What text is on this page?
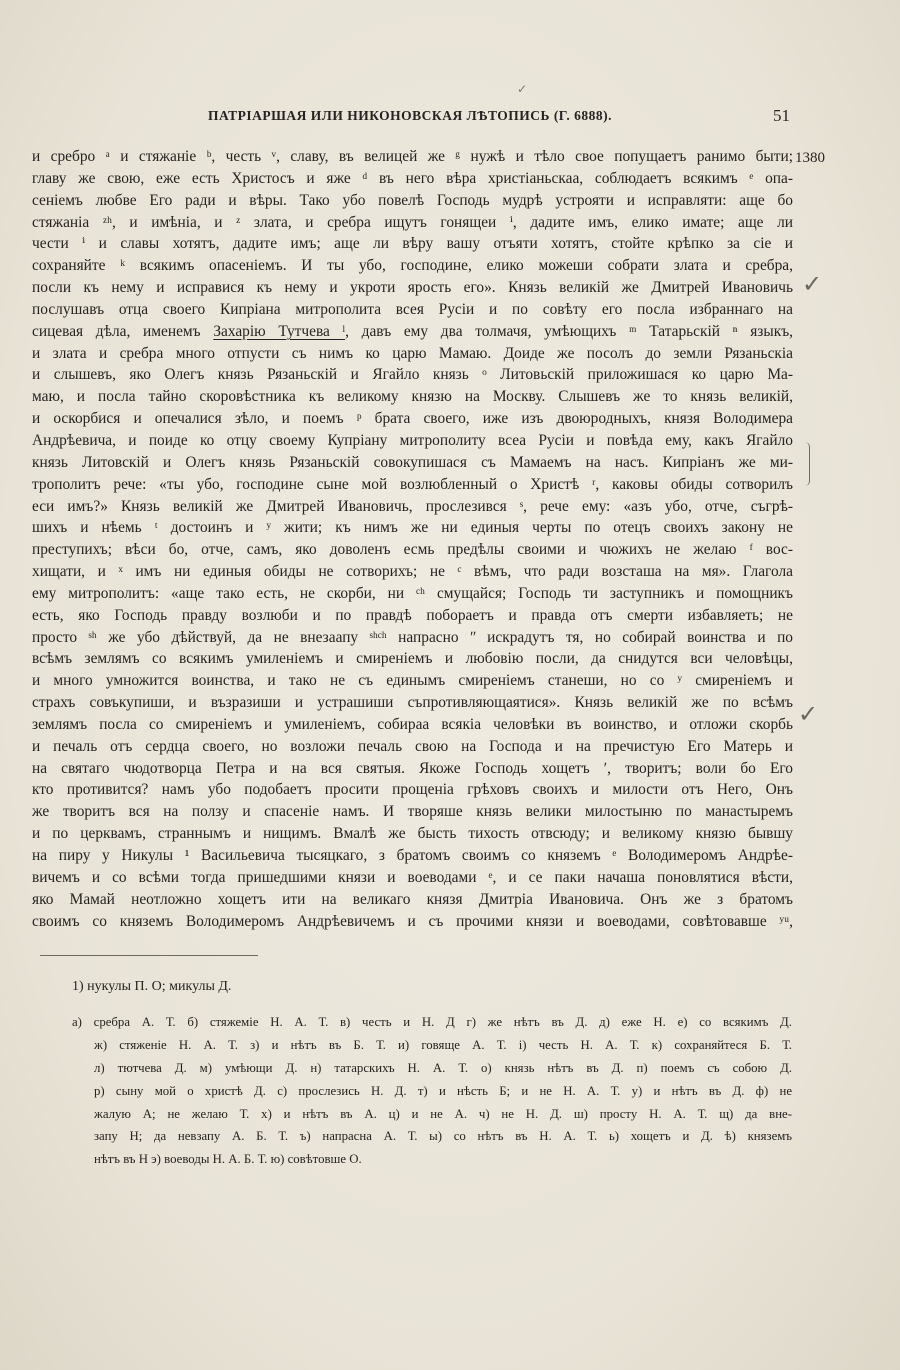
✓
ПАТРІАРШАЯ ИЛИ НИКОНОВСКАЯ ЛѢТОПИСЬ (Г. 6888).	51
1380
✓
✓
и сребро ᵃ и стяжаніе ᵇ, честь ᵛ, славу, въ велицей же ᵍ нужѣ и тѣло свое попущаетъ ранимо быти;
главу же свою, еже есть Христосъ и яже ᵈ въ него вѣра христіаньскаа, соблюдаетъ всякимъ ᵉ опа-
сеніемъ любве Его ради и вѣры. Тако убо повелѣ Господь мудрѣ устрояти и исправляти: аще бо
стяжаніа ᶻʰ, и имѣніа, и ᶻ злата, и сребра ищутъ гонящеи ⁱ, дадите имъ, елико имате; аще ли
чести ⁱ и славы хотятъ, дадите имъ; аще ли вѣру вашу отъяти хотятъ, стойте крѣпко за сіе и
сохраняйте ᵏ всякимъ опасеніемъ. И ты убо, господине, елико можеши собрати злата и сребра,
посли къ нему и исправися къ нему и укроти ярость его». Князь великій же Дмитрей Ивановичь
послушавъ отца своего Кипріана митрополита всея Русіи и по совѣту его посла избраннаго на
сицевая дѣла, именемъ Захарію Тутчева ˡ, давъ ему два толмачя, умѣющихъ ᵐ Татарьскій ⁿ языкъ,
и злата и сребра много отпусти съ нимъ ко царю Мамаю. Доиде же посолъ до земли Рязаньскіа
и слышевъ, яко Олегъ князь Рязаньскій и Ягайло князь ᵒ Литовьскій приложишася ко царю Ма-
маю, и посла тайно скоровѣстника къ великому князю на Москву. Слышевъ же то князь великій,
и оскорбися и опечалися зѣло, и поемъ ᵖ брата своего, иже изъ двоюродныхъ, князя Володимера
Андрѣевича, и поиде ко отцу своему Купріану митрополиту всеа Русіи и повѣда ему, какъ Ягайло
князь Литовскій и Олегъ князь Рязаньскій совокупишася съ Мамаемъ на насъ. Кипріанъ же ми-
трополитъ рече: «ты убо, господине сыне мой возлюбленный о Христѣ ʳ, каковы обиды сотворилъ
еси имъ?» Князь великій же Дмитрей Ивановичь, прослезився ˢ, рече ему: «азъ убо, отче, съгрѣ-
шихъ и нѣемь ᵗ достоинъ и ʸ жити; къ нимъ же ни единыя черты по отецъ своихъ закону не
преступихъ; вѣси бо, отче, самъ, яко доволенъ есмь предѣлы своими и чюжихъ не желаю ᶠ вос-
хищати, и ˣ имъ ни единыя обиды не сотворихъ; не ᶜ вѣмъ, что ради возсташа на мя». Глагола
ему митрополитъ: «аще тако есть, не скорби, ни ᶜʰ смущайся; Господь ти заступникъ и помощникъ
есть, яко Господь правду возлюби и по правдѣ побораетъ и правда отъ смерти избавляеть; не
просто ˢʰ же убо дѣйствуй, да не внезаапу ˢʰᶜʰ напрасно ʺ искрадутъ тя, но собирай воинства и по
всѣмъ землямъ со всякимъ умиленіемъ и смиреніемъ и любовію посли, да снидутся вси человѣцы,
и много умножится воинства, и тако не съ единымъ смиреніемъ станеши, но со ʸ смиреніемъ и
страхъ совъкупиши, и възразиши и устрашиши съпротивляющаятися». Князь великій же по всѣмъ
землямъ посла со смиреніемъ и умиленіемъ, собираа всякіа человѣки въ воинство, и отложи скорбь
и печаль отъ сердца своего, но возложи печаль свою на Господа и на пречистую Его Матерь и
на святаго чюдотворца Петра и на вся святыя. Якоже Господь хощетъ ʹ, творитъ; воли бо Его
кто противится? намъ убо подобаетъ просити прощеніа грѣховъ своихъ и милости отъ Него, Онъ
же творитъ вся на ползу и спасеніе намъ. И творяше князь велики милостыню по манастыремъ
и по церквамъ, страннымъ и нищимъ. Вмалѣ же бысть тихость отвсюду; и великому князю бывшу
на пиру у Никулы ¹ Васильевича тысяцкаго, з братомъ своимъ со княземъ ᵉ Володимеромъ Андрѣе-
вичемъ и со всѣми тогда пришедшими князи и воеводами ᵉ, и се паки начаша поновлятися вѣсти,
яко Мамай неотложно хощетъ ити на великаго князя Дмитріа Ивановича. Онъ же з братомъ
своимъ со княземъ Володимеромъ Андрѣевичемъ и съ прочими князи и воеводами, совѣтовавше ʸᵘ,
1) нукулы П. О; микулы Д.
а) сребра А. Т. б) стяжеміе Н. А. Т. в) честь и Н. Д г) же нѣтъ въ Д. д) еже Н. е) со всякимъ Д.
ж) стяженіе Н. А. Т. з) и нѣтъ въ Б. Т. и) говяще А. Т. і) честь Н. А. Т. к) сохраняйтеся Б. Т.
л) тютчева Д. м) умѣющи Д. н) татарскихъ Н. А. Т. о) князь нѣтъ въ Д. п) поемъ съ собою Д.
р) сыну мой о христѣ Д. с) прослезись Н. Д. т) и нѣсть Б; и не Н. А. Т. у) и нѣтъ въ Д. ф) не
жалую А; не желаю Т. х) и нѣтъ въ А. ц) и не А. ч) не Н. Д. ш) просту Н. А. Т. щ) да вне-
запу Н; да невзапу А. Б. Т. ъ) напрасна А. Т. ы) со нѣтъ въ Н. А. Т. ь) хощетъ и Д. ѣ) княземъ
нѣтъ въ Н э) воеводы Н. А. Б. Т. ю) совѣтовше О.
